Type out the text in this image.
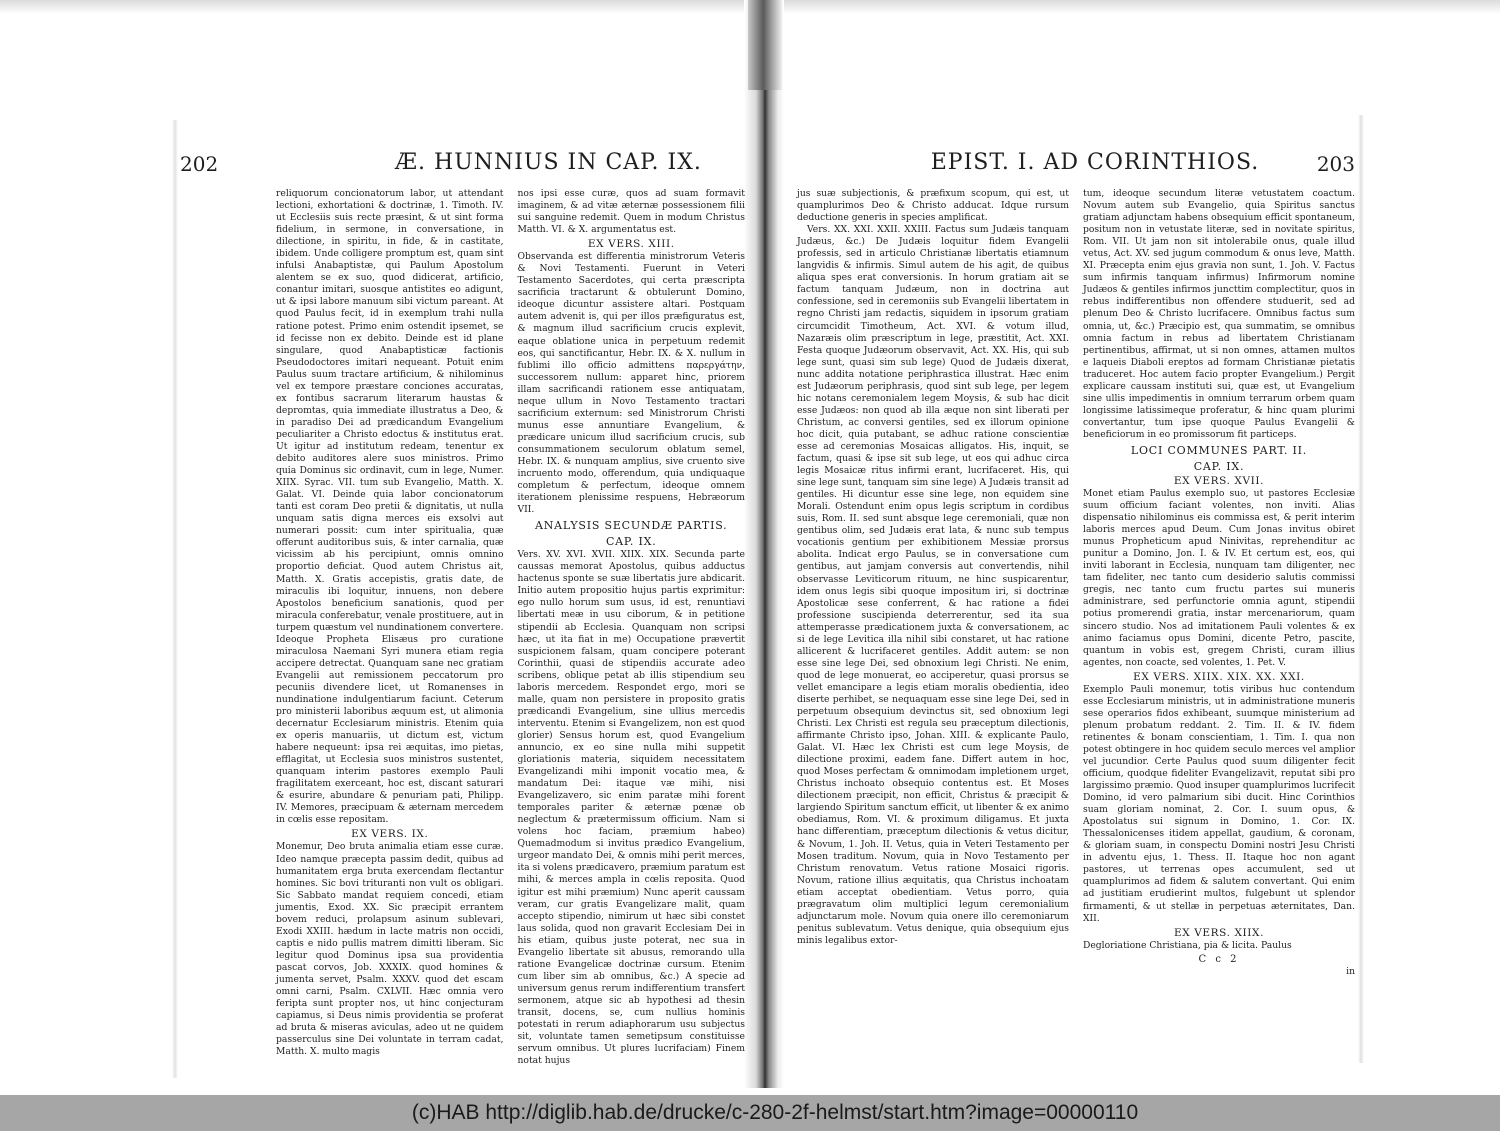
202	Æ. HUNNIUS IN CAP. IX.

reliquorum concionatorum labor, ut attendant lectioni, exhortationi & doctrinæ, 1. Timoth. IV. ut Ecclesiis suis recte præsint, & ut sint forma fidelium, in sermone, in conversatione, in dilectione, in spiritu, in fide, & in castitate, ibidem. Unde colligere promptum est, quam sint infulsi Anabaptistæ, qui Paulum Apostolum alentem se ex suo, quod didicerat, artificio, conantur imitari, suosque antistites eo adigunt, ut & ipsi labore manuum sibi victum pareant. At quod Paulus fecit, id in exemplum trahi nulla ratione potest. Primo enim ostendit ipsemet, se id fecisse non ex debito. Deinde est id plane singulare, quod Anabaptisticæ factionis Pseudodoctores imitari nequeant. Potuit enim Paulus suum tractare artificium, & nihilominus vel ex tempore præstare conciones accuratas, ex fontibus sacrarum literarum haustas & depromtas, quia immediate illustratus a Deo, & in paradiso Dei ad prædicandum Evangelium peculiariter a Christo edoctus & institutus erat. Ut igitur ad institutum redeam, tenentur ex debito auditores alere suos ministros. Primo quia Dominus sic ordinavit, cum in lege, Numer. XIIX. Syrac. VII. tum sub Evangelio, Matth. X. Galat. VI. Deinde quia labor concionatorum tanti est coram Deo pretii & dignitatis, ut nulla unquam satis digna merces eis exsolvi aut numerari possit: cum inter spiritualia, quæ offerunt auditoribus suis, & inter carnalia, quæ vicissim ab his percipiunt, omnis omnino proportio deficiat. Quod autem Christus ait, Matth. X. Gratis accepistis, gratis date, de miraculis ibi loquitur, innuens, non debere Apostolos beneficium sanationis, quod per miracula conferebatur, venale prostituere, aut in turpem quæstum vel nundinationem convertere. Ideoque Propheta Elisæus pro curatione miraculosa Naemani Syri munera etiam regia accipere detrectat. Quanquam sane nec gratiam Evangelii aut remissionem peccatorum pro pecuniis divendere licet, ut Romanenses in nundinatione indulgentiarum faciunt. Ceterum pro ministerii laboribus æquum est, ut alimonia decernatur Ecclesiarum ministris. Etenim quia ex operis manuariis, ut dictum est, victum habere nequeunt: ipsa rei æquitas, imo pietas, efflagitat, ut Ecclesia suos ministros sustentet, quanquam interim pastores exemplo Pauli fragilitatem exerceant, hoc est, discant saturari & esurire, abundare & penuriam pati, Philipp. IV. Memores, præcipuam & æternam mercedem in cœlis esse repositam.

EX VERS. IX.

Monemur, Deo bruta animalia etiam esse curæ. Ideo namque præcepta passim dedit, quibus ad humanitatem erga bruta exercendam flectantur homines. Sic bovi trituranti non vult os obligari. Sic Sabbato mandat requiem concedi, etiam jumentis, Exod. XX. Sic præcipit errantem bovem reduci, prolapsum asinum sublevari, Exodi XXIII. hædum in lacte matris non occidi, captis e nido pullis matrem dimitti liberam. Sic legitur quod Dominus ipsa sua providentia pascat corvos, Job. XXXIX. quod homines & jumenta servet, Psalm. XXXV. quod det escam omni carni, Psalm. CXLVII. Hæc omnia vero feripta sunt propter nos, ut hinc conjecturam capiamus, si Deus nimis providentia se proferat ad bruta & miseras aviculas, adeo ut ne quidem passerculus sine Dei voluntate in terram cadat, Matth. X. multo magis

nos ipsi esse curæ, quos ad suam formavit imaginem, & ad vitæ æternæ possessionem filii sui sanguine redemit. Quem in modum Christus Matth. VI. & X. argumentatus est.

EX VERS. XIII.

Observanda est differentia ministrorum Veteris & Novi Testamenti. Fuerunt in Veteri Testamento Sacerdotes, qui certa præscripta sacrificia tractarunt & obtulerunt Domino, ideoque dicuntur assistere altari. Postquam autem advenit is, qui per illos præfiguratus est, & magnum illud sacrificium crucis explevit, eaque oblatione unica in perpetuum redemit eos, qui sanctificantur, Hebr. IX. & X. nullum in fublimi illo officio admittens παρεργάτην, successorem nullum: apparet hinc, priorem illam sacrificandi rationem esse antiquatam, neque ullum in Novo Testamento tractari sacrificium externum: sed Ministrorum Christi munus esse annuntiare Evangelium, & prædicare unicum illud sacrificium crucis, sub consummationem seculorum oblatum semel, Hebr. IX. & nunquam amplius, sive cruento sive incruento modo, offerendum, quia undiquaque completum & perfectum, ideoque omnem iterationem plenissime respuens, Hebræorum VII.

ANALYSIS SECUNDÆ PARTIS.
CAP. IX.

Vers. XV. XVI. XVII. XIIX. XIX. Secunda parte caussas memorat Apostolus, quibus adductus hactenus sponte se suæ libertatis jure abdicarit. Initio autem propositio hujus partis exprimitur: ego nullo horum sum usus, id est, renuntiavi libertati meæ in usu ciborum, & in petitione stipendii ab Ecclesia. Quanquam non scripsi hæc, ut ita fiat in me) Occupatione prævertit suspicionem falsam, quam concipere poterant Corinthii, quasi de stipendiis accurate adeo scribens, oblique petat ab illis stipendium seu laboris mercedem. Respondet ergo, mori se malle, quam non persistere in proposito gratis prædicandi Evangelium, sine ullius mercedis interventu. Etenim si Evangelizem, non est quod glorier) Sensus horum est, quod Evangelium annuncio, ex eo sine nulla mihi suppetit gloriationis materia, siquidem necessitatem Evangelizandi mihi imponit vocatio mea, & mandatum Dei: itaque væ mihi, nisi Evangelizavero, sic enim paratæ mihi forent temporales pariter & æternæ pœnæ ob neglectum & prætermissum officium. Nam si volens hoc faciam, præmium habeo) Quemadmodum si invitus prædico Evangelium, urgeor mandato Dei, & omnis mihi perit merces, ita si volens prædicavero, præmium paratum est mihi, & merces ampla in cœlis reposita. Quod igitur est mihi præmium) Nunc aperit caussam veram, cur gratis Evangelizare malit, quam accepto stipendio, nimirum ut hæc sibi constet laus solida, quod non gravarit Ecclesiam Dei in his etiam, quibus juste poterat, nec sua in Evangelio libertate sit abusus, remorando ulla ratione Evangelicæ doctrinæ cursum. Etenim cum liber sim ab omnibus, &c.) A specie ad universum genus rerum indifferentium transfert sermonem, atque sic ab hypothesi ad thesin transit, docens, se, cum nullius hominis potestati in rerum adiaphorarum usu subjectus sit, voluntate tamen semetipsum constituisse servum omnibus. Ut plures lucrifaciam) Finem notat hujus

203
EPIST. I. AD CORINTHIOS.

jus suæ subjectionis, & præfixum scopum, qui est, ut quamplurimos Deo & Christo adducat. Idque rursum deductione generis in species amplificat.

Vers. XX. XXI. XXII. XXIII. Factus sum Judæis tanquam Judæus, &c.) De Judæis loquitur fidem Evangelii professis, sed in articulo Christianæ libertatis etiamnum langvidis & infirmis. Simul autem de his agit, de quibus aliqua spes erat conversionis. In horum gratiam ait se factum tanquam Judæum, non in doctrina aut confessione, sed in ceremoniis sub Evangelii libertatem in regno Christi jam redactis, siquidem in ipsorum gratiam circumcidit Timotheum, Act. XVI. & votum illud, Nazaræis olim præscriptum in lege, præstitit, Act. XXI. Festa quoque Judæorum observavit, Act. XX. His, qui sub lege sunt, quasi sim sub lege) Quod de Judæis dixerat, nunc addita notatione periphrastica illustrat. Hæc enim est Judæorum periphrasis, quod sint sub lege, per legem hic notans ceremonialem legem Moysis, & sub hac dicit esse Judæos: non quod ab illa æque non sint liberati per Christum, ac conversi gentiles, sed ex illorum opinione hoc dicit, quia putabant, se adhuc ratione conscientiæ esse ad ceremonias Mosaicas alligatos. His, inquit, se factum, quasi & ipse sit sub lege, ut eos qui adhuc circa legis Mosaicæ ritus infirmi erant, lucrifaceret. His, qui sine lege sunt, tanquam sim sine lege) A Judæis transit ad gentiles. Hi dicuntur esse sine lege, non equidem sine Morali. Ostendunt enim opus legis scriptum in cordibus suis, Rom. II. sed sunt absque lege ceremoniali, quæ non gentibus olim, sed Judæis erat lata, & nunc sub tempus vocationis gentium per exhibitionem Messiæ prorsus abolita. Indicat ergo Paulus, se in conversatione cum gentibus, aut jamjam conversis aut convertendis, nihil observasse Leviticorum rituum, ne hinc suspicarentur, idem onus legis sibi quoque impositum iri, si doctrinæ Apostolicæ sese conferrent, & hac ratione a fidei professione suscipienda deterrerentur, sed ita sua attemperasse prædicationem juxta & conversationem, ac si de lege Levitica illa nihil sibi constaret, ut hac ratione allicerent & lucrifaceret gentiles. Addit autem: se non esse sine lege Dei, sed obnoxium legi Christi. Ne enim, quod de lege monuerat, eo acciperetur, quasi prorsus se vellet emancipare a legis etiam moralis obedientia, ideo diserte perhibet, se nequaquam esse sine lege Dei, sed in perpetuum obsequium devinctus sit, sed obnoxium legi Christi. Lex Christi est regula seu præceptum dilectionis, affirmante Christo ipso, Johan. XIII. & explicante Paulo, Galat. VI. Hæc lex Christi est cum lege Moysis, de dilectione proximi, eadem fane. Differt autem in hoc, quod Moses perfectam & omnimodam impletionem urget, Christus inchoato obsequio contentus est. Et Moses dilectionem præcipit, non efficit, Christus & præcipit & largiendo Spiritum sanctum efficit, ut libenter & ex animo obediamus, Rom. VI. & proximum diligamus. Et juxta hanc differentiam, præceptum dilectionis & vetus dicitur, & Novum, 1. Joh. II. Vetus, quia in Veteri Testamento per Mosen traditum. Novum, quia in Novo Testamento per Christum renovatum. Vetus ratione Mosaici rigoris. Novum, ratione illius æquitatis, qua Christus inchoatam etiam acceptat obedientiam. Vetus porro, quia prægravatum olim multiplici legum ceremonialium adjunctarum mole. Novum quia onere illo ceremoniarum penitus sublevatum. Vetus denique, quia obsequium ejus minis legalibus extor-

tum, ideoque secundum literæ vetustatem coactum. Novum autem sub Evangelio, quia Spiritus sanctus gratiam adjunctam habens obsequium efficit spontaneum, positum non in vetustate literæ, sed in novitate spiritus, Rom. VII. Ut jam non sit intolerabile onus, quale illud vetus, Act. XV. sed jugum commodum & onus leve, Matth. XI. Præcepta enim ejus gravia non sunt, 1. Joh. V. Factus sum infirmis tanquam infirmus) Infirmorum nomine Judæos & gentiles infirmos juncttim complectitur, quos in rebus indifferentibus non offendere studuerit, sed ad plenum Deo & Christo lucrifacere. Omnibus factus sum omnia, ut, &c.) Præcipio est, qua summatim, se omnibus omnia factum in rebus ad libertatem Christianam pertinentibus, affirmat, ut si non omnes, attamen multos e laqueis Diaboli ereptos ad formam Christianæ pietatis traduceret. Hoc autem facio propter Evangelium.) Pergit explicare caussam instituti sui, quæ est, ut Evangelium sine ullis impedimentis in omnium terrarum orbem quam longissime latissimeque proferatur, & hinc quam plurimi convertantur, tum ipse quoque Paulus Evangelii & beneficiorum in eo promissorum fit particeps.

LOCI COMMUNES PART. II.
CAP. IX.
EX VERS. XVII.

Monet etiam Paulus exemplo suo, ut pastores Ecclesiæ suum officium faciant volentes, non inviti. Alias dispensatio nihilominus eis commissa est, & perit interim laboris merces apud Deum. Cum Jonas invitus obiret munus Propheticum apud Ninivitas, reprehenditur ac punitur a Domino, Jon. I. & IV. Et certum est, eos, qui inviti laborant in Ecclesia, nunquam tam diligenter, nec tam fideliter, nec tanto cum desiderio salutis commissi gregis, nec tanto cum fructu partes sui muneris administrare, sed perfunctorie omnia agunt, stipendii potius promerendi gratia, instar mercenariorum, quam sincero studio. Nos ad imitationem Pauli volentes & ex animo faciamus opus Domini, dicente Petro, pascite, quantum in vobis est, gregem Christi, curam illius agentes, non coacte, sed volentes, 1. Pet. V.

EX VERS. XIIX. XIX. XX. XXI.

Exemplo Pauli monemur, totis viribus huc contendum esse Ecclesiarum ministris, ut in administratione muneris sese operarios fidos exhibeant, suumque ministerium ad plenum probatum reddant. 2. Tim. II. & IV. fidem retinentes & bonam conscientiam, 1. Tim. I. qua non potest obtingere in hoc quidem seculo merces vel amplior vel jucundior. Certe Paulus quod suum diligenter fecit officium, quodque fideliter Evangelizavit, reputat sibi pro largissimo præmio. Quod insuper quamplurimos lucrifecit Domino, id vero palmarium sibi ducit. Hinc Corinthios suam gloriam nominat, 2. Cor. I. suum opus, & Apostolatus sui signum in Domino, 1. Cor. IX. Thessalonicenses itidem appellat, gaudium, & coronam, & gloriam suam, in conspectu Domini nostri Jesu Christi in adventu ejus, 1. Thess. II. Itaque hoc non agant pastores, ut terrenas opes accumulent, sed ut quamplurimos ad fidem & salutem convertant. Qui enim ad justitiam erudierint multos, fulgebunt ut splendor firmamenti, & ut stellæ in perpetuas æternitates, Dan. XII.

EX VERS. XIIX.

Degloriatione Christiana, pia & licita. Paulus

C c 2
in
(c)HAB http://diglib.hab.de/drucke/c-280-2f-helmst/start.htm?image=00000110
